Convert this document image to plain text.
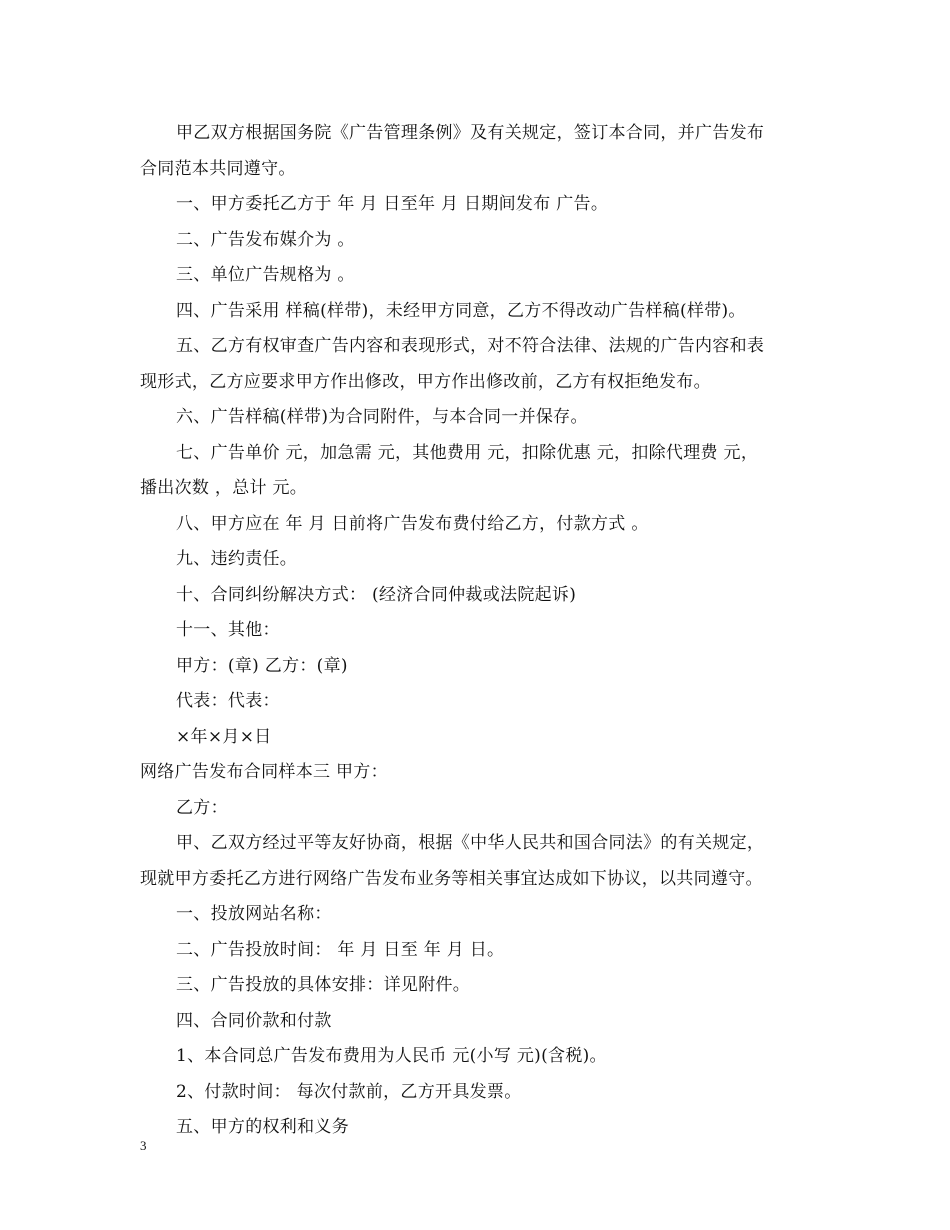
甲乙双方根据国务院《广告管理条例》及有关规定，签订本合同，并广告发布
合同范本共同遵守。
一、甲方委托乙方于 年 月 日至年 月 日期间发布 广告。
二、广告发布媒介为 。
三、单位广告规格为 。
四、广告采用 样稿(样带)，未经甲方同意，乙方不得改动广告样稿(样带)。
五、乙方有权审查广告内容和表现形式，对不符合法律、法规的广告内容和表
现形式，乙方应要求甲方作出修改，甲方作出修改前，乙方有权拒绝发布。
六、广告样稿(样带)为合同附件，与本合同一并保存。
七、广告单价 元，加急需 元，其他费用 元，扣除优惠 元，扣除代理费 元，
播出次数 ，总计 元。
八、甲方应在 年 月 日前将广告发布费付给乙方，付款方式 。
九、违约责任。
十、合同纠纷解决方式： (经济合同仲裁或法院起诉)
十一、其他：
甲方：(章) 乙方：(章)
代表：代表：
×年×月×日
网络广告发布合同样本三 甲方：
乙方：
甲、乙双方经过平等友好协商，根据《中华人民共和国合同法》的有关规定，
现就甲方委托乙方进行网络广告发布业务等相关事宜达成如下协议，以共同遵守。
一、投放网站名称：
二、广告投放时间： 年 月 日至 年 月 日。
三、广告投放的具体安排：详见附件。
四、合同价款和付款
1、本合同总广告发布费用为人民币 元(小写 元)(含税)。
2、付款时间： 每次付款前，乙方开具发票。
五、甲方的权利和义务
3
